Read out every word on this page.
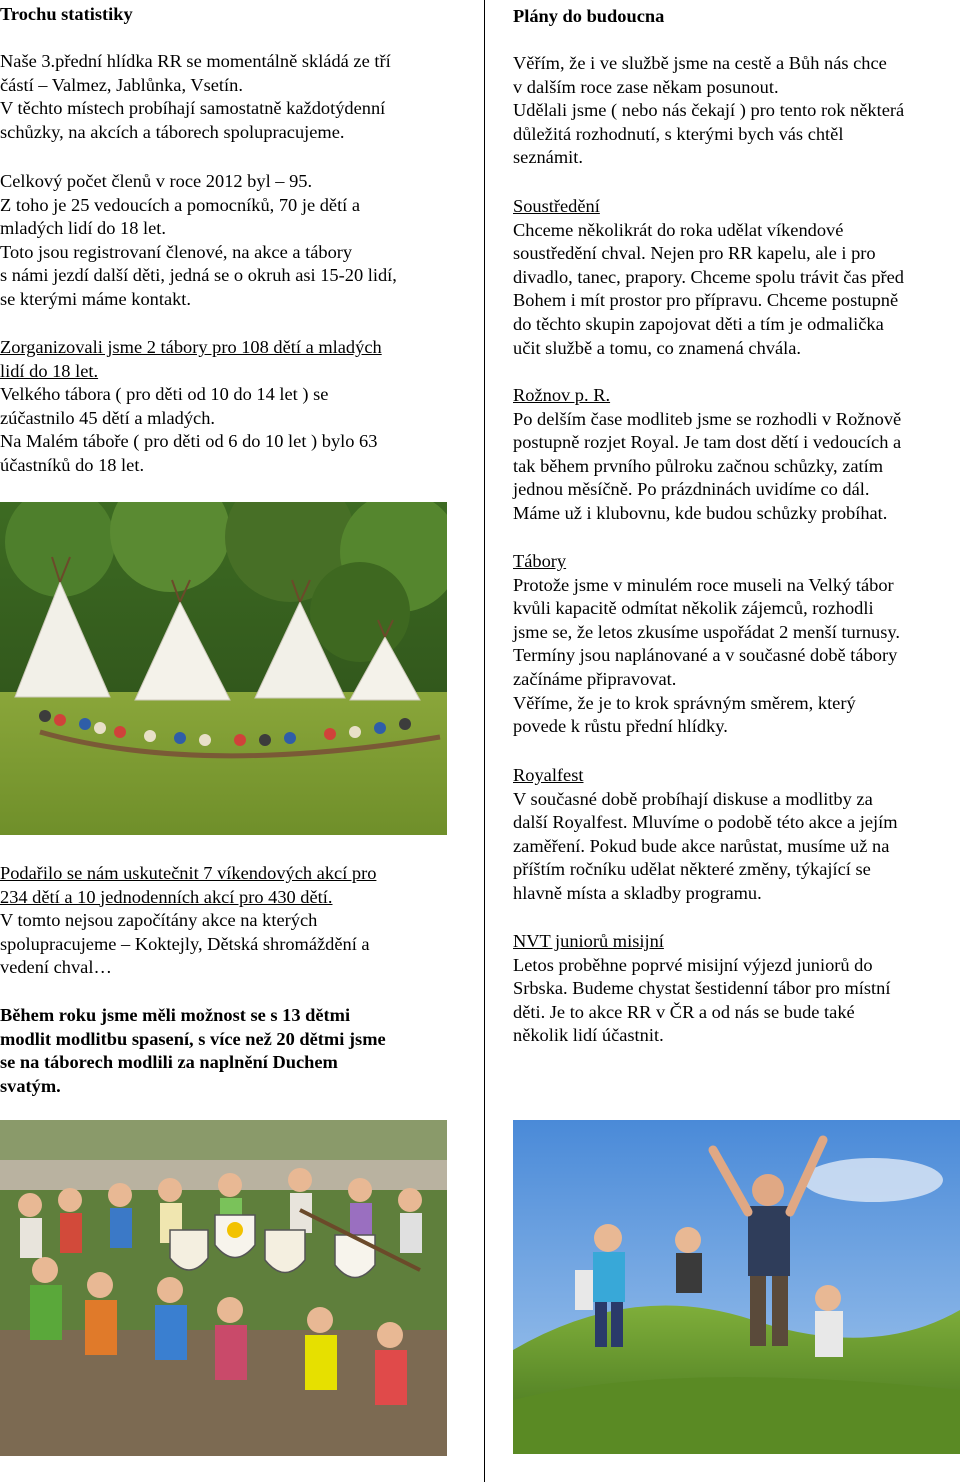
Trochu statistiky

Naše 3.přední hlídka RR se momentálně skládá ze tří

částí – Valmez, Jablůnka, Vsetín.

V těchto místech probíhají samostatně každotýdenní

schůzky, na akcích a táborech spolupracujeme.

Celkový počet členů v roce 2012 byl – 95.

Z toho je 25 vedoucích a pomocníků, 70 je dětí a

mladých lidí do 18 let.

Toto jsou registrovaní členové, na akce a tábory

s námi jezdí další děti, jedná se o okruh asi 15-20 lidí,

se kterými máme kontakt.

Zorganizovali jsme 2 tábory pro 108 dětí a mladých

lidí do 18 let.

Velkého tábora ( pro děti od 10 do 14 let ) se

zúčastnilo 45 dětí a mladých.

Na Malém táboře ( pro děti od 6 do 10 let ) bylo 63

účastníků do 18 let.

Podařilo se nám uskutečnit 7 víkendových akcí pro

234 dětí a 10 jednodenních akcí pro 430 dětí.

V tomto nejsou započítány akce na kterých

spolupracujeme – Koktejly, Dětská shromáždění a

vedení chval…

Během roku jsme měli možnost se s 13 dětmi

modlit modlitbu spasení, s více než 20 dětmi jsme

se na táborech modlili za naplnění Duchem

svatým.

Plány do budoucna

Věřím, že i ve službě jsme na cestě a Bůh nás chce

v dalším roce zase někam posunout.

Udělali jsme ( nebo nás čekají ) pro tento rok některá

důležitá rozhodnutí, s kterými bych vás chtěl

seznámit.

Soustředění

Chceme několikrát do roka udělat víkendové

soustředění chval. Nejen pro RR kapelu, ale i pro

divadlo, tanec, prapory. Chceme spolu trávit čas před

Bohem i mít prostor pro přípravu. Chceme postupně

do těchto skupin zapojovat děti a tím je odmalička

učit službě a tomu, co znamená chvála.

Rožnov p. R.

Po delším čase modliteb jsme se rozhodli v Rožnově

postupně rozjet Royal. Je tam dost dětí i vedoucích a

tak během prvního půlroku začnou schůzky, zatím

jednou měsíčně. Po prázdninách uvidíme co dál.

Máme už i klubovnu, kde budou schůzky probíhat.

Tábory

Protože jsme v minulém roce museli na Velký tábor

kvůli kapacitě odmítat několik zájemců, rozhodli

jsme se, že letos zkusíme uspořádat 2 menší turnusy.

Termíny jsou naplánované a v současné době tábory

začínáme připravovat.

Věříme, že je to krok správným směrem, který

povede k růstu přední hlídky.

Royalfest

V současné době probíhají diskuse a modlitby za

další Royalfest. Mluvíme o podobě této akce a jejím

zaměření. Pokud bude akce narůstat, musíme už na

příštím ročníku udělat některé změny, týkající se

hlavně místa a skladby programu.

NVT juniorů misijní

Letos proběhne poprvé misijní výjezd juniorů do

Srbska. Budeme chystat šestidenní tábor pro místní

děti. Je to akce RR v ČR a od nás se bude také

několik lidí účastnit.
